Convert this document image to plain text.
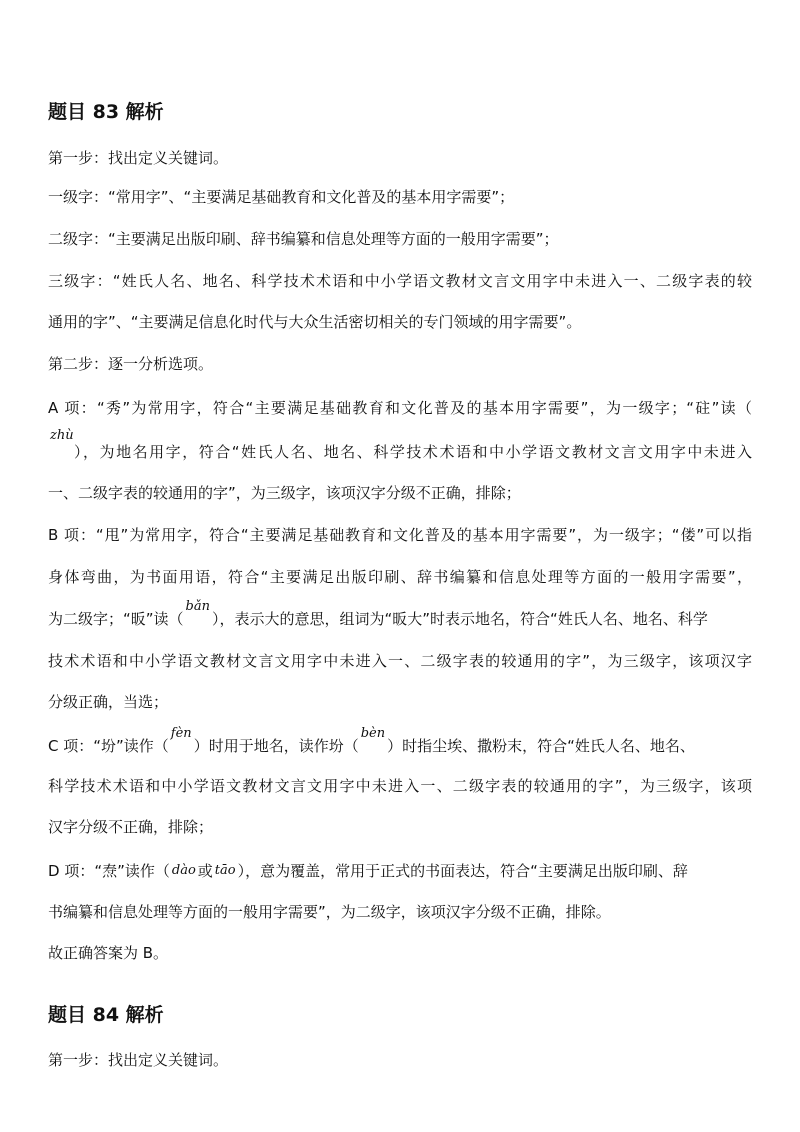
题目 83 解析
第一步：找出定义关键词。
一级字：“常用字”、“主要满足基础教育和文化普及的基本用字需要”；
二级字：“主要满足出版印刷、辞书编纂和信息处理等方面的一般用字需要”；
三级字：“姓氏人名、地名、科学技术术语和中小学语文教材文言文用字中未进入一、二级字表的较
通用的字”、“主要满足信息化时代与大众生活密切相关的专门领域的用字需要”。
第二步：逐一分析选项。
A 项：“秀”为常用字，符合“主要满足基础教育和文化普及的基本用字需要”，为一级字；“砫”读（
zhù
），为地名用字，符合“姓氏人名、地名、科学技术术语和中小学语文教材文言文用字中未进入
一、二级字表的较通用的字”，为三级字，该项汉字分级不正确，排除；
B 项：“甩”为常用字，符合“主要满足基础教育和文化普及的基本用字需要”，为一级字；“偻”可以指
身体弯曲，为书面用语，符合“主要满足出版印刷、辞书编纂和信息处理等方面的一般用字需要”，
为二级字；“昄”读（bǎn），表示大的意思，组词为“昄大”时表示地名，符合“姓氏人名、地名、科学
技术术语和中小学语文教材文言文用字中未进入一、二级字表的较通用的字”，为三级字，该项汉字
分级正确，当选；
C 项：“坋”读作（fèn）时用于地名，读作坋（bèn）时指尘埃、撒粉末，符合“姓氏人名、地名、
科学技术术语和中小学语文教材文言文用字中未进入一、二级字表的较通用的字”，为三级字，该项
汉字分级不正确，排除；
D 项：“焘”读作（ dào 或 tāo ），意为覆盖，常用于正式的书面表达，符合“主要满足出版印刷、辞
书编纂和信息处理等方面的一般用字需要”，为二级字，该项汉字分级不正确，排除。
故正确答案为 B。
题目 84 解析
第一步：找出定义关键词。
